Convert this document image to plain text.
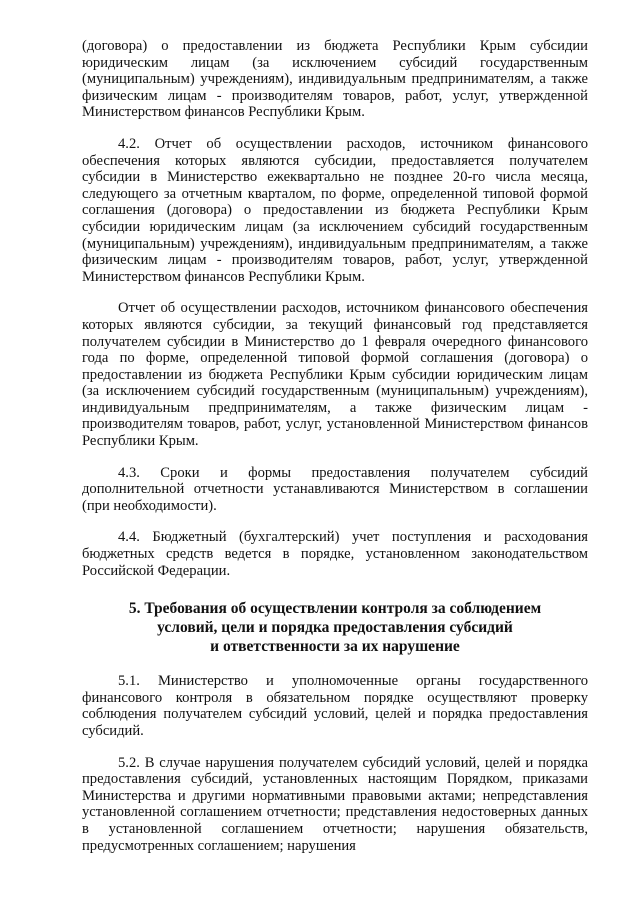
(договора) о предоставлении из бюджета Республики Крым субсидии юридическим лицам (за исключением субсидий государственным (муниципальным) учреждениям), индивидуальным предпринимателям, а также физическим лицам - производителям товаров, работ, услуг, утвержденной Министерством финансов Республики Крым.

4.2. Отчет об осуществлении расходов, источником финансового обеспечения которых являются субсидии, предоставляется получателем субсидии в Министерство ежеквартально не позднее 20-го числа месяца, следующего за отчетным кварталом, по форме, определенной типовой формой соглашения (договора) о предоставлении из бюджета Республики Крым субсидии юридическим лицам (за исключением субсидий государственным (муниципальным) учреждениям), индивидуальным предпринимателям, а также физическим лицам - производителям товаров, работ, услуг, утвержденной Министерством финансов Республики Крым.

Отчет об осуществлении расходов, источником финансового обеспечения которых являются субсидии, за текущий финансовый год представляется получателем субсидии в Министерство до 1 февраля очередного финансового года по форме, определенной типовой формой соглашения (договора) о предоставлении из бюджета Республики Крым субсидии юридическим лицам (за исключением субсидий государственным (муниципальным) учреждениям), индивидуальным предпринимателям, а также физическим лицам - производителям товаров, работ, услуг, установленной Министерством финансов Республики Крым.

4.3. Сроки и формы предоставления получателем субсидий дополнительной отчетности устанавливаются Министерством в соглашении (при необходимости).

4.4. Бюджетный (бухгалтерский) учет поступления и расходования бюджетных средств ведется в порядке, установленном законодательством Российской Федерации.

5. Требования об осуществлении контроля за соблюдением

условий, цели и порядка предоставления субсидий

и ответственности за их нарушение

5.1. Министерство и уполномоченные органы государственного финансового контроля в обязательном порядке осуществляют проверку соблюдения получателем субсидий условий, целей и порядка предоставления субсидий.

5.2. В случае нарушения получателем субсидий условий, целей и порядка предоставления субсидий, установленных настоящим Порядком, приказами Министерства и другими нормативными правовыми актами; непредставления установленной соглашением отчетности; представления недостоверных данных в установленной соглашением отчетности; нарушения обязательств, предусмотренных соглашением; нарушения
